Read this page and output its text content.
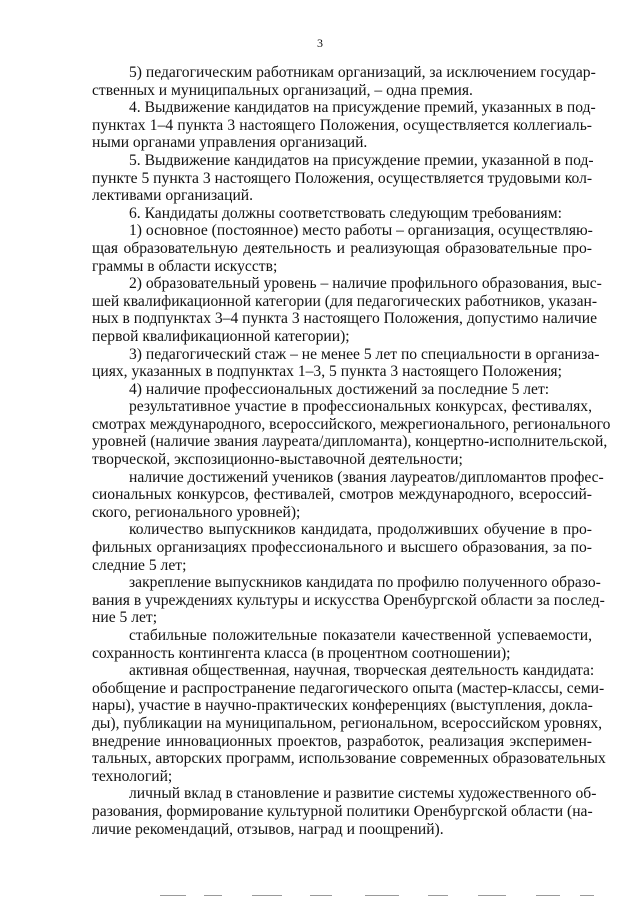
3
5) педагогическим работникам организаций, за исключением государ-
ственных и муниципальных организаций, – одна премия.
4. Выдвижение кандидатов на присуждение премий, указанных в под-
пунктах 1–4 пункта 3 настоящего Положения, осуществляется коллегиаль-
ными органами управления организаций.
5. Выдвижение кандидатов на присуждение премии, указанной в под-
пункте 5 пункта 3 настоящего Положения, осуществляется трудовыми кол-
лективами организаций.
6. Кандидаты должны соответствовать следующим требованиям:
1) основное (постоянное) место работы – организация, осуществляю-
щая образовательную деятельность и реализующая образовательные про-
граммы в области искусств;
2) образовательный уровень – наличие профильного образования, выс-
шей квалификационной категории (для педагогических работников, указан-
ных в подпунктах 3–4 пункта 3 настоящего Положения, допустимо наличие
первой квалификационной категории);
3) педагогический стаж – не менее 5 лет по специальности в организа-
циях, указанных в подпунктах 1–3, 5 пункта 3 настоящего Положения;
4) наличие профессиональных достижений за последние 5 лет:
результативное участие в профессиональных конкурсах, фестивалях,
смотрах международного, всероссийского, межрегионального, регионального
уровней (наличие звания лауреата/дипломанта), концертно-исполнительской,
творческой, экспозиционно-выставочной деятельности;
наличие достижений учеников (звания лауреатов/дипломантов профес-
сиональных конкурсов, фестивалей, смотров международного, всероссий-
ского, регионального уровней);
количество выпускников кандидата, продолживших обучение в про-
фильных организациях профессионального и высшего образования, за по-
следние 5 лет;
закрепление выпускников кандидата по профилю полученного образо-
вания в учреждениях культуры и искусства Оренбургской области за послед-
ние 5 лет;
стабильные положительные показатели качественной успеваемости,
сохранность контингента класса (в процентном соотношении);
активная общественная, научная, творческая деятельность кандидата:
обобщение и распространение педагогического опыта (мастер-классы, семи-
нары), участие в научно-практических конференциях (выступления, доклa-
ды), публикации на муниципальном, региональном, всероссийском уровнях,
внедрение инновационных проектов, разработок, реализация эксперимен-
тальных, авторских программ, использование современных образовательных
технологий;
личный вклад в становление и развитие системы художественного об-
разования, формирование культурной политики Оренбургской области (на-
личие рекомендаций, отзывов, наград и поощрений).
